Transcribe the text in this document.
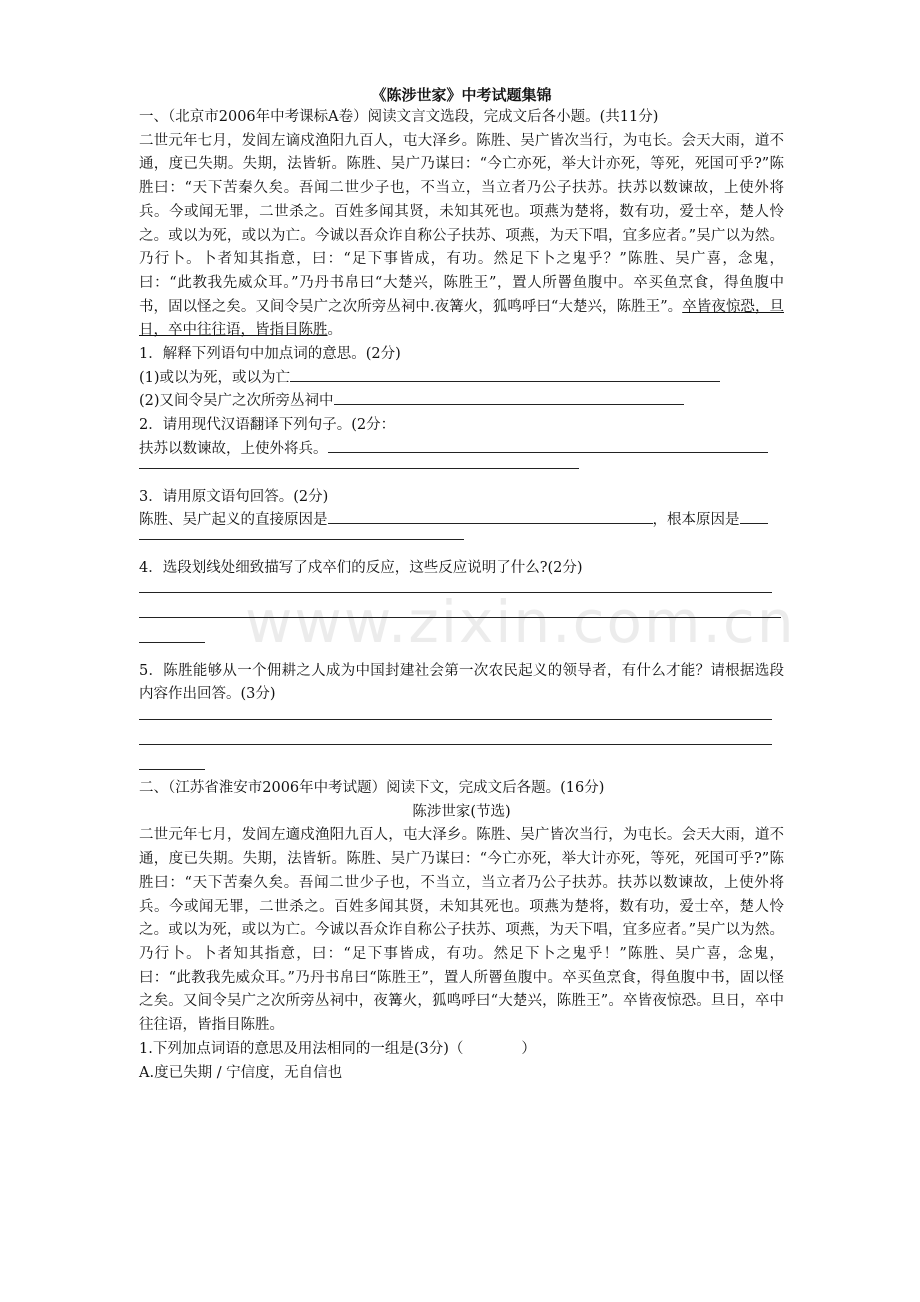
www.zixin.com.cn
《陈涉世家》中考试题集锦

一、（北京市2006年中考课标A卷）阅读文言文选段，完成文后各小题。(共11分)

二世元年七月，发闾左谪戍渔阳九百人，屯大泽乡。陈胜、吴广皆次当行，为屯长。会天大雨，道不通，度已失期。失期，法皆斩。陈胜、吴广乃谋曰：“今亡亦死，举大计亦死，等死，死国可乎?”陈胜曰：“天下苦秦久矣。吾闻二世少子也，不当立，当立者乃公子扶苏。扶苏以数谏故，上使外将兵。今或闻无罪，二世杀之。百姓多闻其贤，未知其死也。项燕为楚将，数有功，爱士卒，楚人怜之。或以为死，或以为亡。今诚以吾众诈自称公子扶苏、项燕，为天下唱，宜多应者。”吴广以为然。乃行卜。卜者知其指意，曰：“足下事皆成，有功。然足下卜之鬼乎？”陈胜、吴广喜，念鬼，曰：“此教我先威众耳。”乃丹书帛曰“大楚兴，陈胜王”，置人所罾鱼腹中。卒买鱼烹食，得鱼腹中书，固以怪之矣。又间令吴广之次所旁丛祠中.夜篝火，狐鸣呼曰“大楚兴，陈胜王”。卒皆夜惊恐，旦日，卒中往往语，皆指目陈胜。

1．解释下列语句中加点词的意思。(2分)

(1)或以为死，或以为亡

(2)又间令吴广之次所旁丛祠中

2．请用现代汉语翻译下列句子。(2分：

扶苏以数谏故，上使外将兵。

3．请用原文语句回答。(2分)

陈胜、吴广起义的直接原因是	，根本原因是

4．选段划线处细致描写了戍卒们的反应，这些反应说明了什么?(2分)

5．陈胜能够从一个佣耕之人成为中国封建社会第一次农民起义的领导者，有什么才能？请根据选段内容作出回答。(3分)

二、（江苏省淮安市2006年中考试题）阅读下文，完成文后各题。(16分)

陈涉世家(节选)

二世元年七月，发闾左適戍渔阳九百人，屯大泽乡。陈胜、吴广皆次当行，为屯长。会天大雨，道不通，度已失期。失期，法皆斩。陈胜、吴广乃谋曰：“今亡亦死，举大计亦死，等死，死国可乎?”陈胜曰：“天下苦秦久矣。吾闻二世少子也，不当立，当立者乃公子扶苏。扶苏以数谏故，上使外将兵。今或闻无罪，二世杀之。百姓多闻其贤，未知其死也。项燕为楚将，数有功，爱士卒，楚人怜之。或以为死，或以为亡。今诚以吾众诈自称公子扶苏、项燕，为天下唱，宜多应者。”吴广以为然。乃行卜。卜者知其指意，曰：“足下事皆成，有功。然足下卜之鬼乎！”陈胜、吴广喜，念鬼，曰：“此教我先威众耳。”乃丹书帛曰“陈胜王”，置人所罾鱼腹中。卒买鱼烹食，得鱼腹中书，固以怪之矣。又间令吴广之次所旁丛祠中，夜篝火，狐鸣呼曰“大楚兴，陈胜王”。卒皆夜惊恐。旦日，卒中往往语，皆指目陈胜。

1.下列加点词语的意思及用法相同的一组是(3分)（　　　　）

A.度已失期 / 宁信度，无自信也
